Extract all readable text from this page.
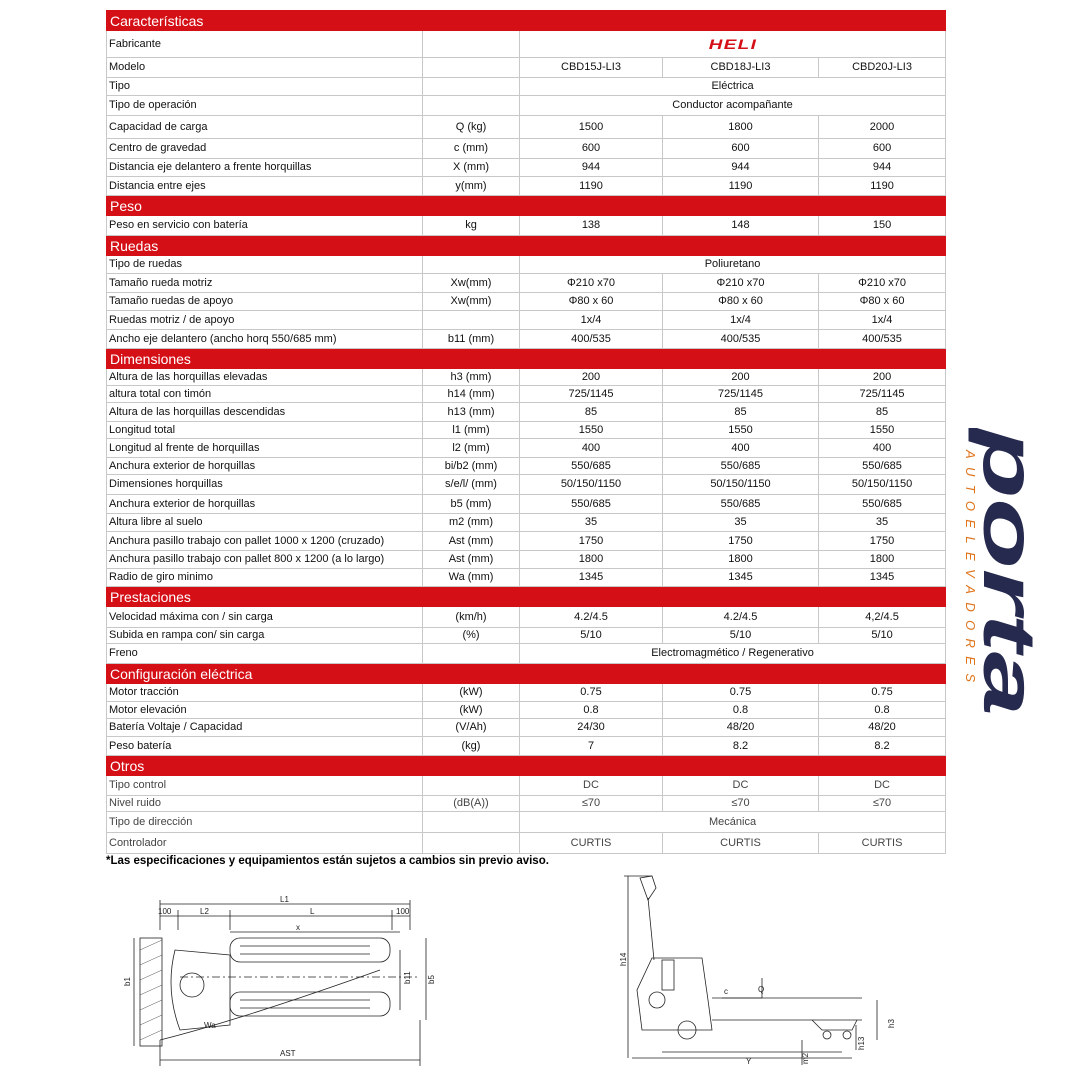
Características				
Fabricante		HELI		
Modelo		CBD15J-LI3	CBD18J-LI3	CBD20J-LI3
Tipo		Eléctrica		
Tipo de operación		Conductor acompañante		
Capacidad de carga	Q (kg)	1500	1800	2000
Centro de gravedad	c (mm)	600	600	600
Distancia eje delantero a frente horquillas	X (mm)	944	944	944
Distancia entre ejes	y(mm)	1190	1190	1190
Peso				
Peso en servicio con batería	kg	138	148	150
Ruedas				
Tipo de ruedas		Poliuretano		
Tamaño rueda motriz	Xw(mm)	Φ210 x70	Φ210 x70	Φ210 x70
Tamaño ruedas de apoyo	Xw(mm)	Φ80 x 60	Φ80 x 60	Φ80 x 60
Ruedas motriz / de apoyo		1x/4	1x/4	1x/4
Ancho eje delantero (ancho horq 550/685 mm)	b11 (mm)	400/535	400/535	400/535
Dimensiones				
Altura de las horquillas elevadas	h3 (mm)	200	200	200
altura total con timón	h14 (mm)	725/1145	725/1145	725/1145
Altura de las horquillas descendidas	h13 (mm)	85	85	85
Longitud total	l1 (mm)	1550	1550	1550
Longitud al frente de horquillas	l2 (mm)	400	400	400
Anchura exterior de horquillas	bi/b2 (mm)	550/685	550/685	550/685
Dimensiones horquillas	s/e/l/ (mm)	50/150/1150	50/150/1150	50/150/1150
Anchura exterior de horquillas	b5 (mm)	550/685	550/685	550/685
Altura libre al suelo	m2 (mm)	35	35	35
Anchura pasillo trabajo con pallet 1000 x 1200 (cruzado)	Ast (mm)	1750	1750	1750
Anchura pasillo trabajo con pallet 800 x 1200 (a lo largo)	Ast (mm)	1800	1800	1800
Radio de giro minimo	Wa (mm)	1345	1345	1345
Prestaciones				
Velocidad máxima con / sin carga	(km/h)	4.2/4.5	4.2/4.5	4,2/4.5
Subida en rampa con/ sin carga	(%)	5/10	5/10	5/10
Freno		Electromagmético / Regenerativo		
Configuración eléctrica				
Motor tracción	(kW)	0.75	0.75	0.75
Motor elevación	(kW)	0.8	0.8	0.8
Batería Voltaje / Capacidad	(V/Ah)	24/30	48/20	48/20
Peso batería	(kg)	7	8.2	8.2
Otros				
Tipo control		DC	DC	DC
Nivel ruido	(dB(A))	≤70	≤70	≤70
Tipo de dirección		Mecánica		
Controlador		CURTIS	CURTIS	CURTIS
*Las especificaciones y equipamientos están sujetos a cambios sin previo aviso.
porta
AUTOELEVADORES
L1
100	L2	L	100
x
b1	b11 b5
Wa
AST
h14
c	Q
h3
Y	m2
h13
